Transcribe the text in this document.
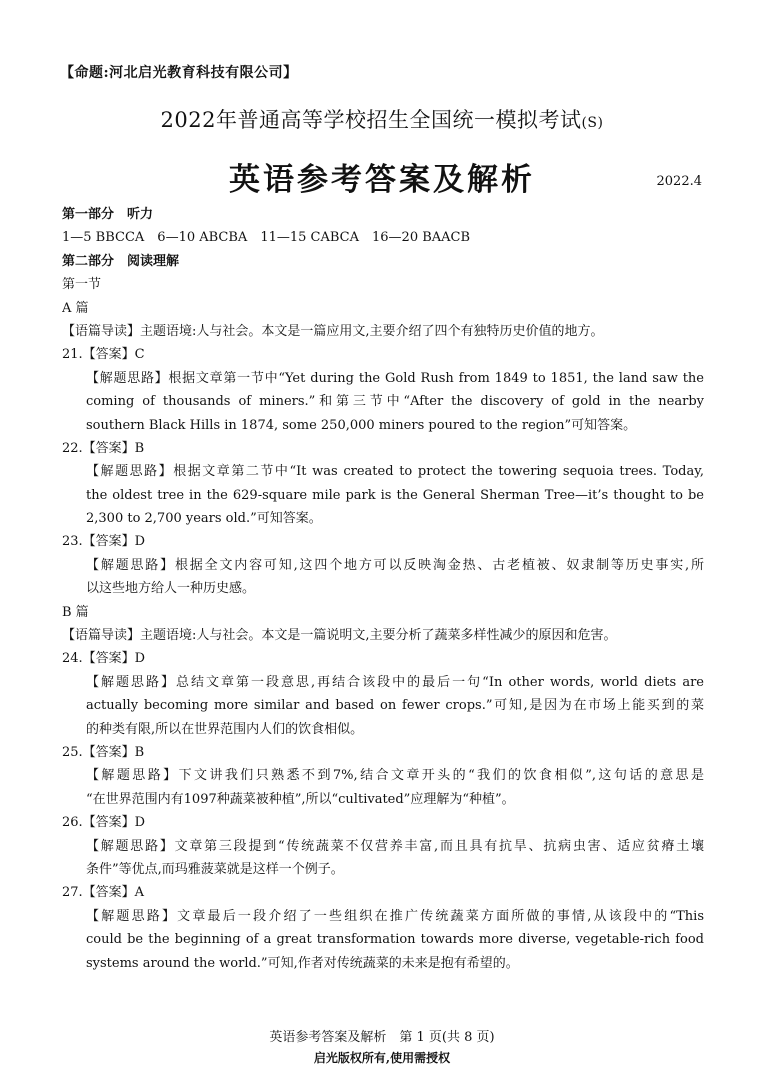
【命题:河北启光教育科技有限公司】
2022年普通高等学校招生全国统一模拟考试(S)
英语参考答案及解析	2022.4
第一部分　听力
1—5 BBCCA　6—10 ABCBA　11—15 CABCA　16—20 BAACB
第二部分　阅读理解
第一节
A 篇
【语篇导读】主题语境:人与社会。本文是一篇应用文,主要介绍了四个有独特历史价值的地方。
21.【答案】C
【解题思路】根据文章第一节中“Yet during the Gold Rush from 1849 to 1851, the land saw the
coming of thousands of miners.”和第三节中“After the discovery of gold in the nearby
southern Black Hills in 1874, some 250,000 miners poured to the region”可知答案。
22.【答案】B
【解题思路】根据文章第二节中“It was created to protect the towering sequoia trees. Today,
the oldest tree in the 629-square mile park is the General Sherman Tree—it’s thought to be
2,300 to 2,700 years old.”可知答案。
23.【答案】D
【解题思路】根据全文内容可知,这四个地方可以反映淘金热、古老植被、奴隶制等历史事实,所
以这些地方给人一种历史感。
B 篇
【语篇导读】主题语境:人与社会。本文是一篇说明文,主要分析了蔬菜多样性减少的原因和危害。
24.【答案】D
【解题思路】总结文章第一段意思,再结合该段中的最后一句“In other words, world diets are
actually becoming more similar and based on fewer crops.”可知,是因为在市场上能买到的菜
的种类有限,所以在世界范围内人们的饮食相似。
25.【答案】B
【解题思路】下文讲我们只熟悉不到7%,结合文章开头的“我们的饮食相似”,这句话的意思是
“在世界范围内有1097种蔬菜被种植”,所以“cultivated”应理解为“种植”。
26.【答案】D
【解题思路】文章第三段提到“传统蔬菜不仅营养丰富,而且具有抗旱、抗病虫害、适应贫瘠土壤
条件”等优点,而玛雅菠菜就是这样一个例子。
27.【答案】A
【解题思路】文章最后一段介绍了一些组织在推广传统蔬菜方面所做的事情,从该段中的“This
could be the beginning of a great transformation towards more diverse, vegetable-rich food
systems around the world.”可知,作者对传统蔬菜的未来是抱有希望的。
英语参考答案及解析　第 1 页(共 8 页)
启光版权所有,使用需授权
